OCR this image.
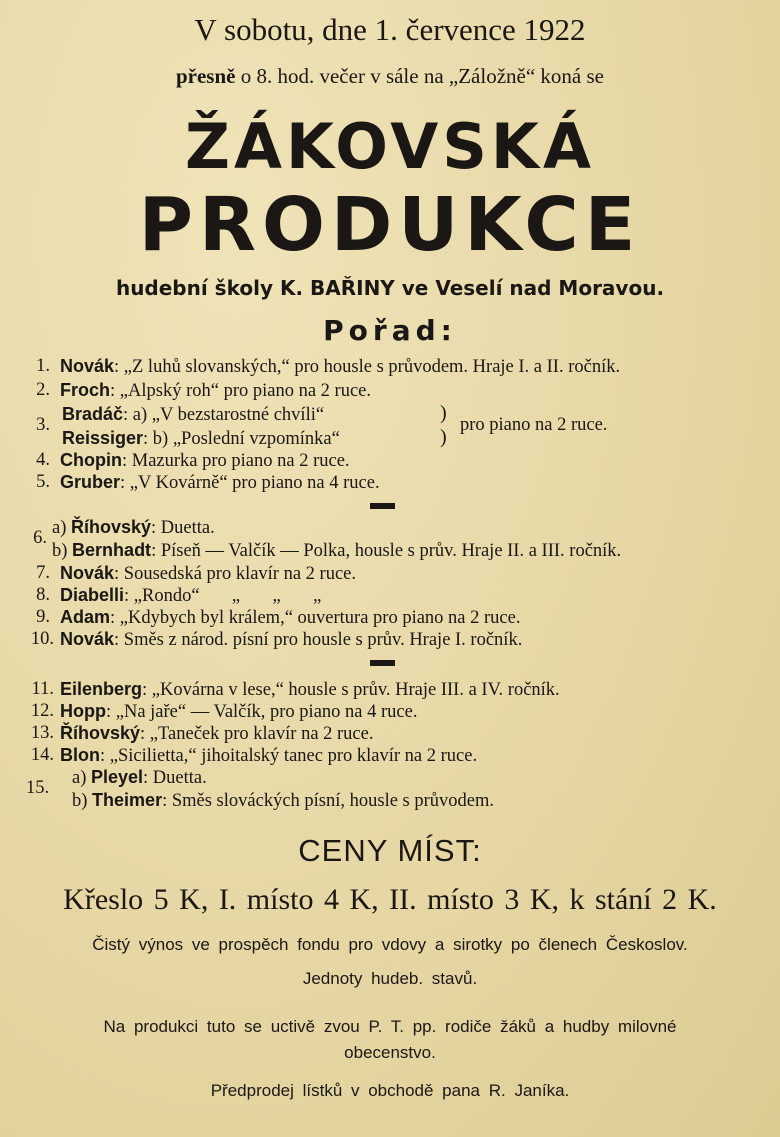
V sobotu, dne 1. července 1922
přesně o 8. hod. večer v sále na „Záložně“ koná se
ŽÁKOVSKÁ
PRODUKCE
hudební školy K. BAŘINY ve Veselí nad Moravou.
Pořad:
1. Novák: „Z luhů slovanských,“ pro housle s průvodem. Hraje I. a II. ročník.
2. Froch: „Alpský roh“ pro piano na 2 ruce.
Bradáč: a) „V bezstarostné chvíli“
3.	pro piano na 2 ruce.
Reissiger: b) „Poslední vzpomínka“
)
)
4. Chopin: Mazurka pro piano na 2 ruce.
5. Gruber: „V Kovárně“ pro piano na 4 ruce.
a) Říhovský: Duetta.
6.
b) Bernhadt: Píseň — Valčík — Polka, housle s prův. Hraje II. a III. ročník.
7. Novák: Sousedská pro klavír na 2 ruce.
8. Diabelli: „Rondo“       „       „       „
9. Adam: „Kdybych byl králem,“ ouvertura pro piano na 2 ruce.
10. Novák: Směs z národ. písní pro housle s prův. Hraje I. ročník.
11. Eilenberg: „Kovárna v lese,“ housle s prův. Hraje III. a IV. ročník.
12. Hopp: „Na jaře“ — Valčík, pro piano na 4 ruce.
13. Říhovský: „Taneček pro klavír na 2 ruce.
14. Blon: „Sicilietta,“ jihoitalský tanec pro klavír na 2 ruce.
a) Pleyel: Duetta.
15.
b) Theimer: Směs slováckých písní, housle s průvodem.
CENY MÍST:
Křeslo 5 K, I. místo 4 K, II. místo 3 K, k stání 2 K.
Čistý výnos ve prospěch fondu pro vdovy a sirotky po členech Českoslov.
Jednoty hudeb. stavů.
Na produkci tuto se uctivě zvou P. T. pp. rodiče žáků a hudby milovné
obecenstvo.
Předprodej lístků v obchodě pana R. Janíka.
